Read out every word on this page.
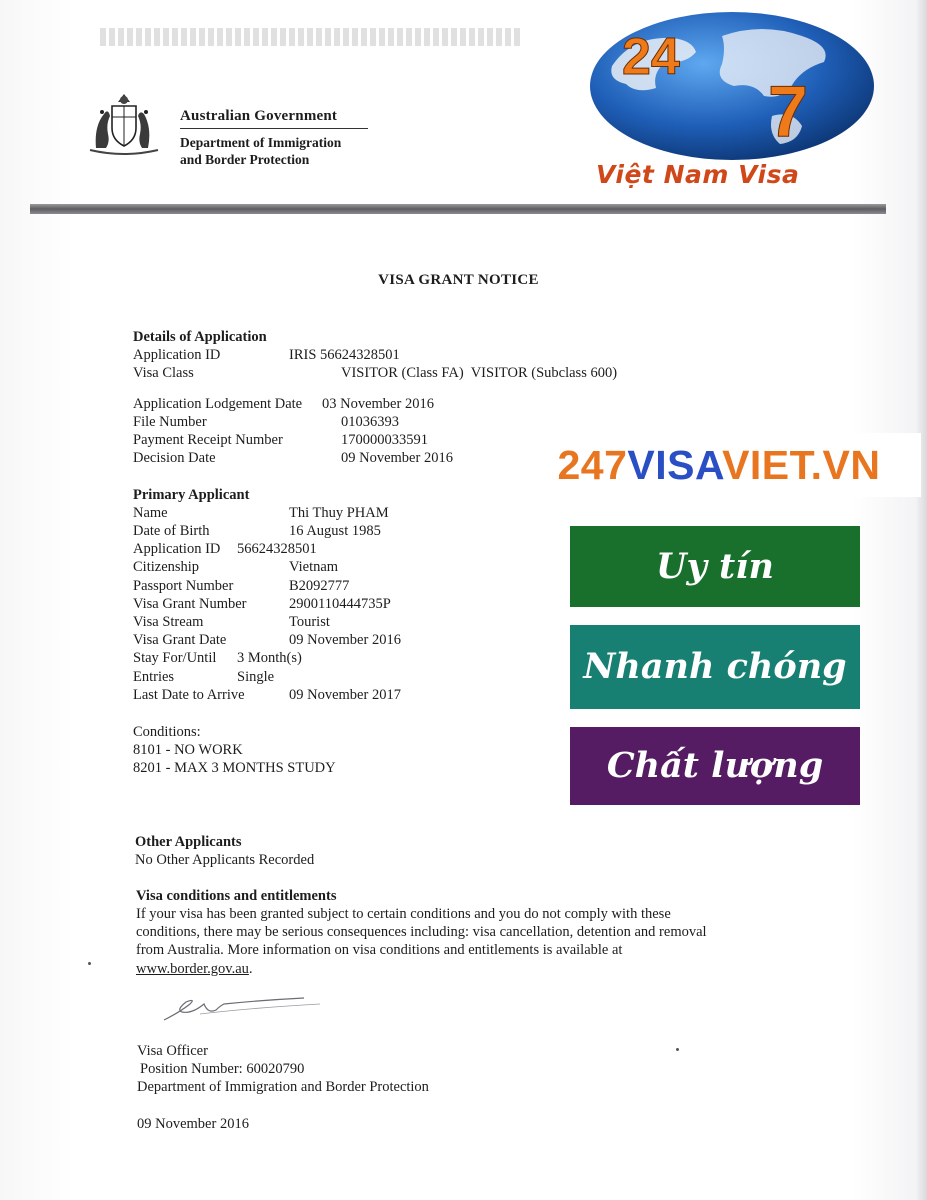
Australian Government
Department of Immigration
and Border Protection
24
7
Việt Nam Visa
VISA GRANT NOTICE
Details of Application
Application ID	IRIS 56624328501
Visa Class	VISITOR (Class FA)  VISITOR (Subclass 600)
Application Lodgement Date 03 November 2016
File Number	01036393
Payment Receipt Number	170000033591
Decision Date	09 November 2016
Primary Applicant
Name	Thi Thuy PHAM
Date of Birth	16 August 1985
Application ID 56624328501
Citizenship	Vietnam
Passport Number	B2092777
Visa Grant Number	2900110444735P
Visa Stream	Tourist
Visa Grant Date	09 November 2016
Stay For/Until 3 Month(s)
Entries	Single
Last Date to Arrive	09 November 2017
Conditions:
8101 - NO WORK
8201 - MAX 3 MONTHS STUDY
Other Applicants
No Other Applicants Recorded
Visa conditions and entitlements
If your visa has been granted subject to certain conditions and you do not comply with these
conditions, there may be serious consequences including: visa cancellation, detention and removal
from Australia. More information on visa conditions and entitlements is available at
www.border.gov.au.
Visa Officer
Position Number: 60020790
Department of Immigration and Border Protection
09 November 2016
247VISAVIET.VN
Uy tín
Nhanh chóng
Chất lượng
